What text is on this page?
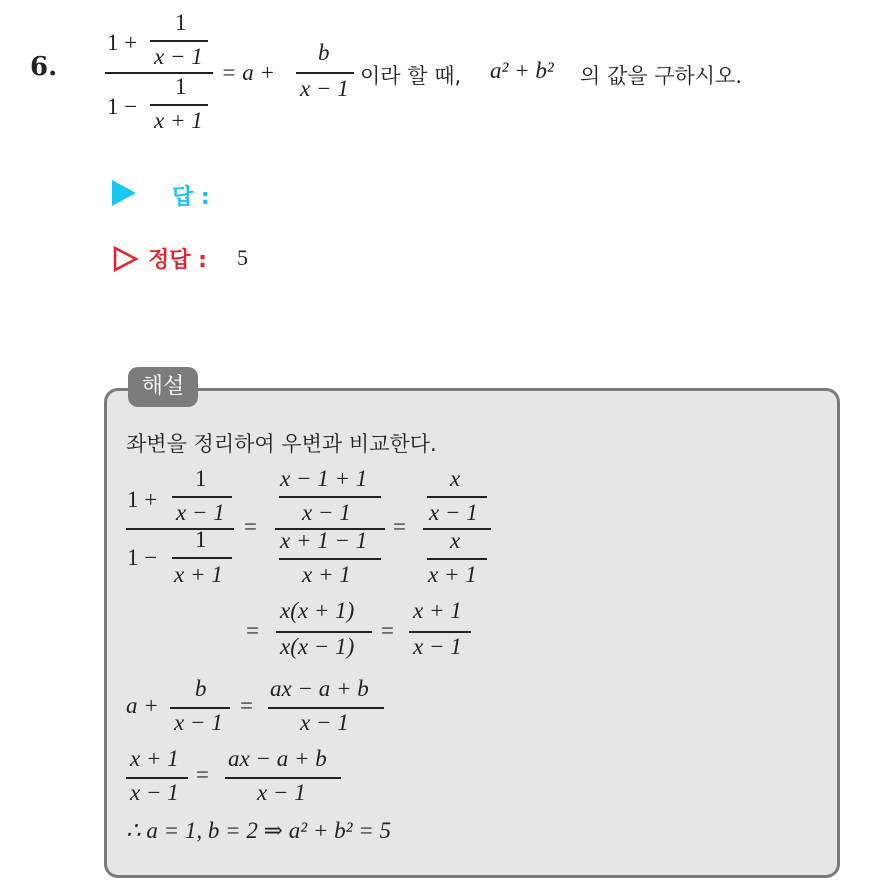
6.
1 +
1
x − 1
1 −
1
x + 1
= a +
b
x − 1 이라 할 때, a² + b² 의 값을 구하시오.
답 :
정답 : 5
해설
좌변을 정리하여 우변과 비교한다.
1 +
1
x − 1
1 −
1
x + 1
=
x − 1 + 1
x − 1
x + 1 − 1
x + 1
=
x
x − 1
x
x + 1
=
x(x + 1)
x(x − 1)
=
x + 1
x − 1
a +
b
x − 1
=
ax − a + b
x − 1
x + 1
x − 1
=
ax − a + b
x − 1
∴ a = 1, b = 2 ⇒ a² + b² = 5
